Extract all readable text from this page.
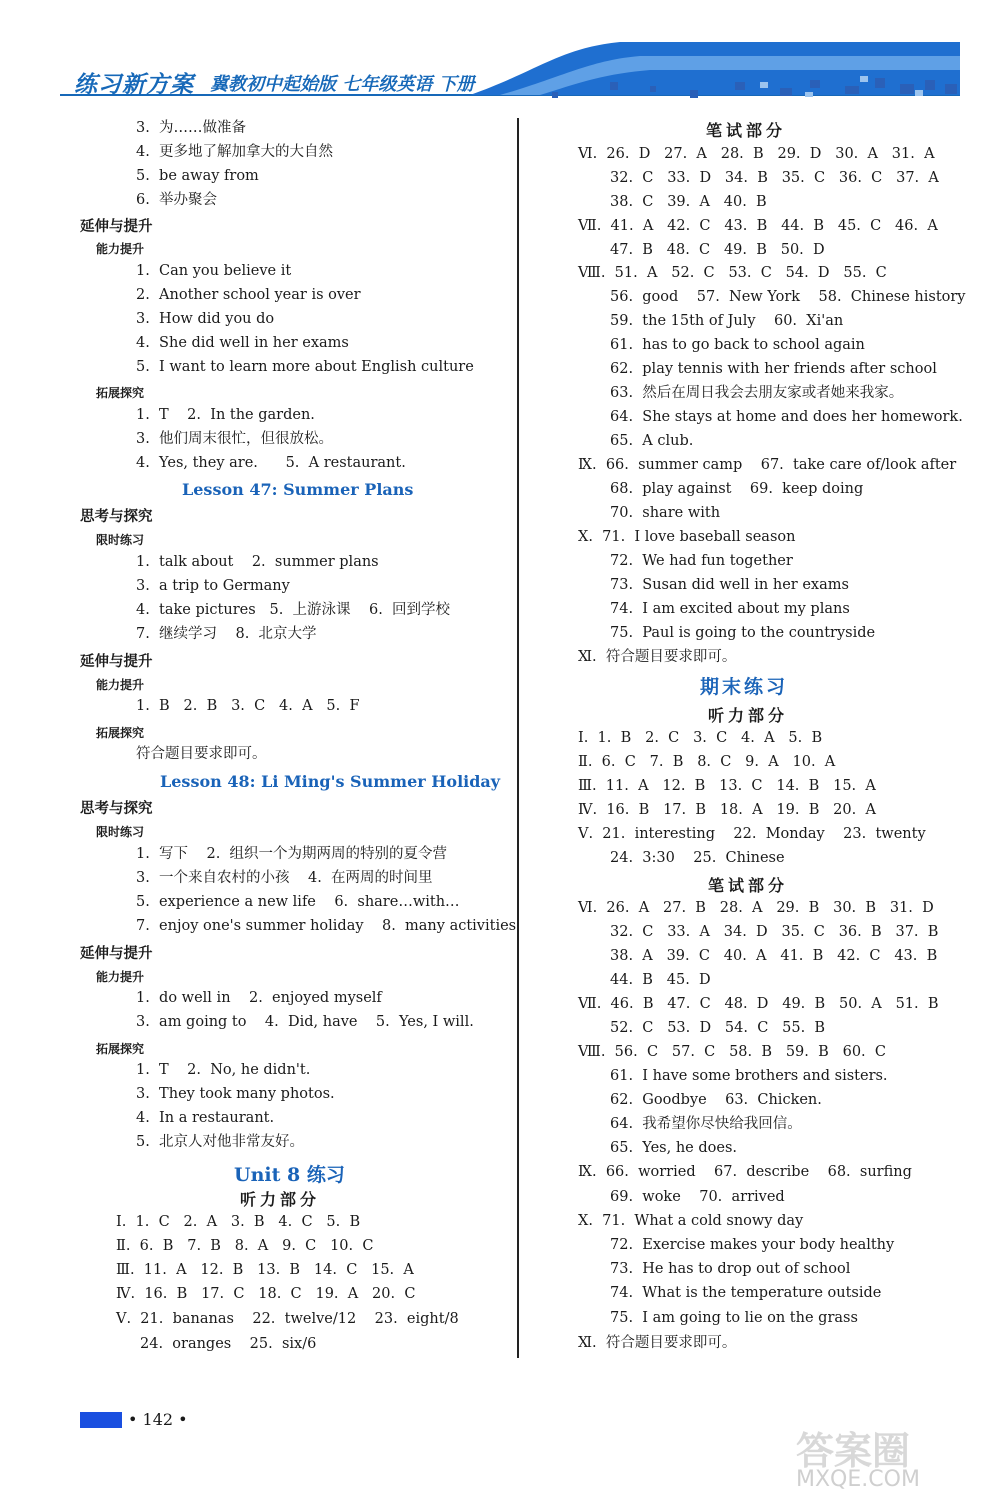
练习新方案 冀教初中起始版 七年级英语 下册
3.  为……做准备
4.  更多地了解加拿大的大自然
5.  be away from
6.  举办聚会
延伸与提升
能力提升
1.  Can you believe it
2.  Another school year is over
3.  How did you do
4.  She did well in her exams
5.  I want to learn more about English culture
拓展探究
1.  T    2.  In the garden.
3.  他们周末很忙，但很放松。
4.  Yes, they are.      5.  A restaurant.
Lesson 47: Summer Plans
思考与探究
限时练习
1.  talk about    2.  summer plans
3.  a trip to Germany
4.  take pictures   5.  上游泳课    6.  回到学校
7.  继续学习    8.  北京大学
延伸与提升
能力提升
1.  B   2.  B   3.  C   4.  A   5.  F
拓展探究
符合题目要求即可。
Lesson 48: Li Ming's Summer Holiday
思考与探究
限时练习
1.  写下    2.  组织一个为期两周的特别的夏令营
3.  一个来自农村的小孩    4.  在两周的时间里
5.  experience a new life    6.  share…with…
7.  enjoy one's summer holiday    8.  many activities
延伸与提升
能力提升
1.  do well in    2.  enjoyed myself
3.  am going to    4.  Did, have    5.  Yes, I will.
拓展探究
1.  T    2.  No, he didn't.
3.  They took many photos.
4.  In a restaurant.
5.  北京人对他非常友好。
Unit 8 练习
听力部分
Ⅰ.  1.  C   2.  A   3.  B   4.  C   5.  B
Ⅱ.  6.  B   7.  B   8.  A   9.  C   10.  C
Ⅲ.  11.  A   12.  B   13.  B   14.  C   15.  A
Ⅳ.  16.  B   17.  C   18.  C   19.  A   20.  C
Ⅴ.  21.  bananas    22.  twelve/12    23.  eight/8
24.  oranges    25.  six/6
笔试部分
Ⅵ.  26.  D   27.  A   28.  B   29.  D   30.  A   31.  A
32.  C   33.  D   34.  B   35.  C   36.  C   37.  A
38.  C   39.  A   40.  B
Ⅶ.  41.  A   42.  C   43.  B   44.  B   45.  C   46.  A
47.  B   48.  C   49.  B   50.  D
Ⅷ.  51.  A   52.  C   53.  C   54.  D   55.  C
56.  good    57.  New York    58.  Chinese history
59.  the 15th of July    60.  Xi'an
61.  has to go back to school again
62.  play tennis with her friends after school
63.  然后在周日我会去朋友家或者她来我家。
64.  She stays at home and does her homework.
65.  A club.
Ⅸ.  66.  summer camp    67.  take care of/look after
68.  play against    69.  keep doing
70.  share with
Ⅹ.  71.  I love baseball season
72.  We had fun together
73.  Susan did well in her exams
74.  I am excited about my plans
75.  Paul is going to the countryside
Ⅺ.  符合题目要求即可。
期末练习
听力部分
Ⅰ.  1.  B   2.  C   3.  C   4.  A   5.  B
Ⅱ.  6.  C   7.  B   8.  C   9.  A   10.  A
Ⅲ.  11.  A   12.  B   13.  C   14.  B   15.  A
Ⅳ.  16.  B   17.  B   18.  A   19.  B   20.  A
Ⅴ.  21.  interesting    22.  Monday    23.  twenty
24.  3:30    25.  Chinese
笔试部分
Ⅵ.  26.  A   27.  B   28.  A   29.  B   30.  B   31.  D
32.  C   33.  A   34.  D   35.  C   36.  B   37.  B
38.  A   39.  C   40.  A   41.  B   42.  C   43.  B
44.  B   45.  D
Ⅶ.  46.  B   47.  C   48.  D   49.  B   50.  A   51.  B
52.  C   53.  D   54.  C   55.  B
Ⅷ.  56.  C   57.  C   58.  B   59.  B   60.  C
61.  I have some brothers and sisters.
62.  Goodbye    63.  Chicken.
64.  我希望你尽快给我回信。
65.  Yes, he does.
Ⅸ.  66.  worried    67.  describe    68.  surfing
69.  woke    70.  arrived
Ⅹ.  71.  What a cold snowy day
72.  Exercise makes your body healthy
73.  He has to drop out of school
74.  What is the temperature outside
75.  I am going to lie on the grass
Ⅺ.  符合题目要求即可。
• 142 •
答案圈
MXQE.COM
